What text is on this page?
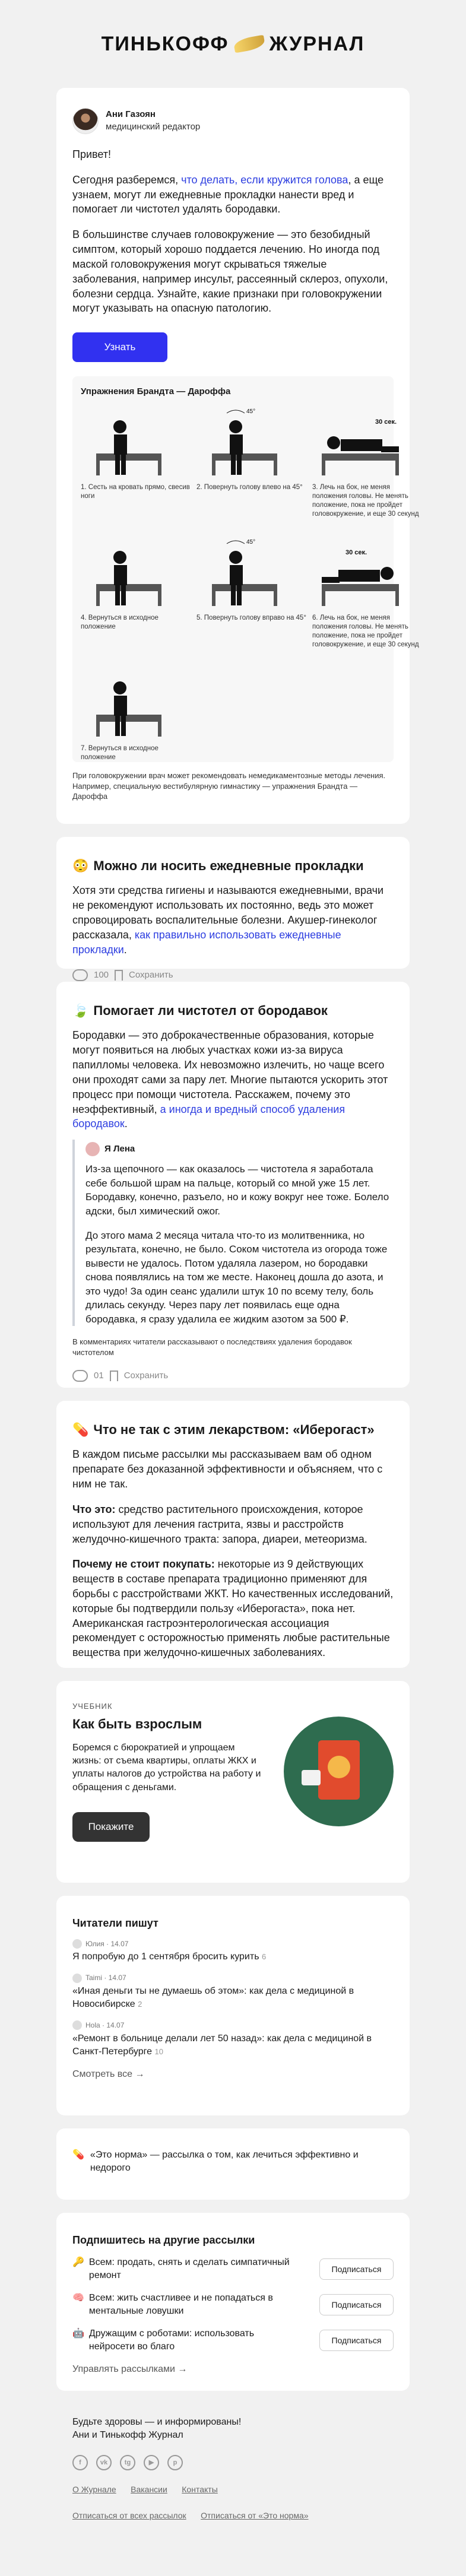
ТИНЬКОФФ ЖУРНАЛ
Ани Газоян
медицинский редактор

Привет!

Сегодня разберемся, что делать, если кружится голова, а еще узнаем, могут ли ежедневные прокладки нанести вред и помогает ли чистотел удалять бородавки.

В большинстве случаев головокружение — это безобидный симптом, который хорошо поддается лечению. Но иногда под маской головокружения могут скрываться тяжелые заболевания, например инсульт, рассеянный склероз, опухоли, болезни сердца. Узнайте, какие признаки при головокружении могут указывать на опасную патологию.

Узнать
Упражнения Брандта — Дароффа
1. Сесть на кровать прямо, свесив ноги
45°
2. Повернуть голову влево на 45°
30 сек.
3. Лечь на бок, не меняя положения головы. Не менять положение, пока не пройдет головокружение, и еще 30 секунд
4. Вернуться в исходное положение
45°
5. Повернуть голову вправо на 45°
30 сек.
6. Лечь на бок, не меняя положения головы. Не менять положение, пока не пройдет головокружение, и еще 30 секунд
7. Вернуться в исходное положение
При головокружении врач может рекомендовать немедикаментозные методы лечения. Например, специальную вестибулярную гимнастику — упражнения Брандта — Дароффа
😳 Можно ли носить ежедневные прокладки
Хотя эти средства гигиены и называются ежедневными, врачи не рекомендуют использовать их постоянно, ведь это может спровоцировать воспалительные болезни. Акушер-гинеколог рассказала, как правильно использовать ежедневные прокладки.
100 Сохранить
🍃 Помогает ли чистотел от бородавок
Бородавки — это доброкачественные образования, которые могут появиться на любых участках кожи из-за вируса папилломы человека. Их невозможно излечить, но чаще всего они проходят сами за пару лет. Многие пытаются ускорить этот процесс при помощи чистотела. Расскажем, почему это неэффективный, а иногда и вредный способ удаления бородавок.
Я Лена

Из-за щепочного — как оказалось — чистотела я заработала себе большой шрам на пальце, который со мной уже 15 лет. Бородавку, конечно, разъело, но и кожу вокруг нее тоже. Болело адски, был химический ожог.

До этого мама 2 месяца читала что-то из молитвенника, но результата, конечно, не было. Соком чистотела из огорода тоже вывести не удалось. Потом удаляла лазером, но бородавки снова появлялись на том же месте. Наконец дошла до азота, и это чудо! За один сеанс удалили штук 10 по всему телу, боль длилась секунду. Через пару лет появилась еще одна бородавка, я сразу удалила ее жидким азотом за 500 ₽.

В комментариях читатели рассказывают о последствиях удаления бородавок чистотелом
01 Сохранить
💊 Что не так с этим лекарством: «Иберогаст»

В каждом письме рассылки мы рассказываем вам об одном препарате без доказанной эффективности и объясняем, что с ним не так.

Что это: средство растительного происхождения, которое используют для лечения гастрита, язвы и расстройств желудочно-кишечного тракта: запора, диареи, метеоризма.

Почему не стоит покупать: некоторые из 9 действующих веществ в составе препарата традиционно применяют для борьбы с расстройствами ЖКТ. Но качественных исследований, которые бы подтвердили пользу «Иберогаста», пока нет. Американская гастроэнтерологическая ассоциация рекомендует с осторожностью применять любые растительные вещества при желудочно-кишечных заболеваниях.

УЧЕБНИК
Как быть взрослым

Боремся с бюрократией и упрощаем жизнь: от съема квартиры, оплаты ЖКХ и уплаты налогов до устройства на работу и обращения с деньгами.

Покажите
Читатели пишут
Юлия · 14.07
Я попробую до 1 сентября бросить курить 6
Taimi · 14.07
«Иная деньги ты не думаешь об этом»: как дела с медициной в Новосибирске 2
Hola · 14.07
«Ремонт в больнице делали лет 50 назад»: как дела с медициной в Санкт-Петербурге 10
Смотреть все →
💊 «Это норма» — рассылка о том, как лечиться эффективно и недорого
Подпишитесь на другие рассылки
🔑 Всем: продать, снять и сделать симпатичный ремонт
Подписаться
🧠 Всем: жить счастливее и не попадаться в ментальные ловушки
Подписаться
🤖 Дружащим с роботами: использовать нейросети во благо
Подписаться
Управлять рассылками →
Будьте здоровы — и информированы!
Ани и Тинькофф Журнал
f	vk	tg	▶	p
О Журнале Вакансии Контакты
Отписаться от всех рассылок Отписаться от «Это норма»
